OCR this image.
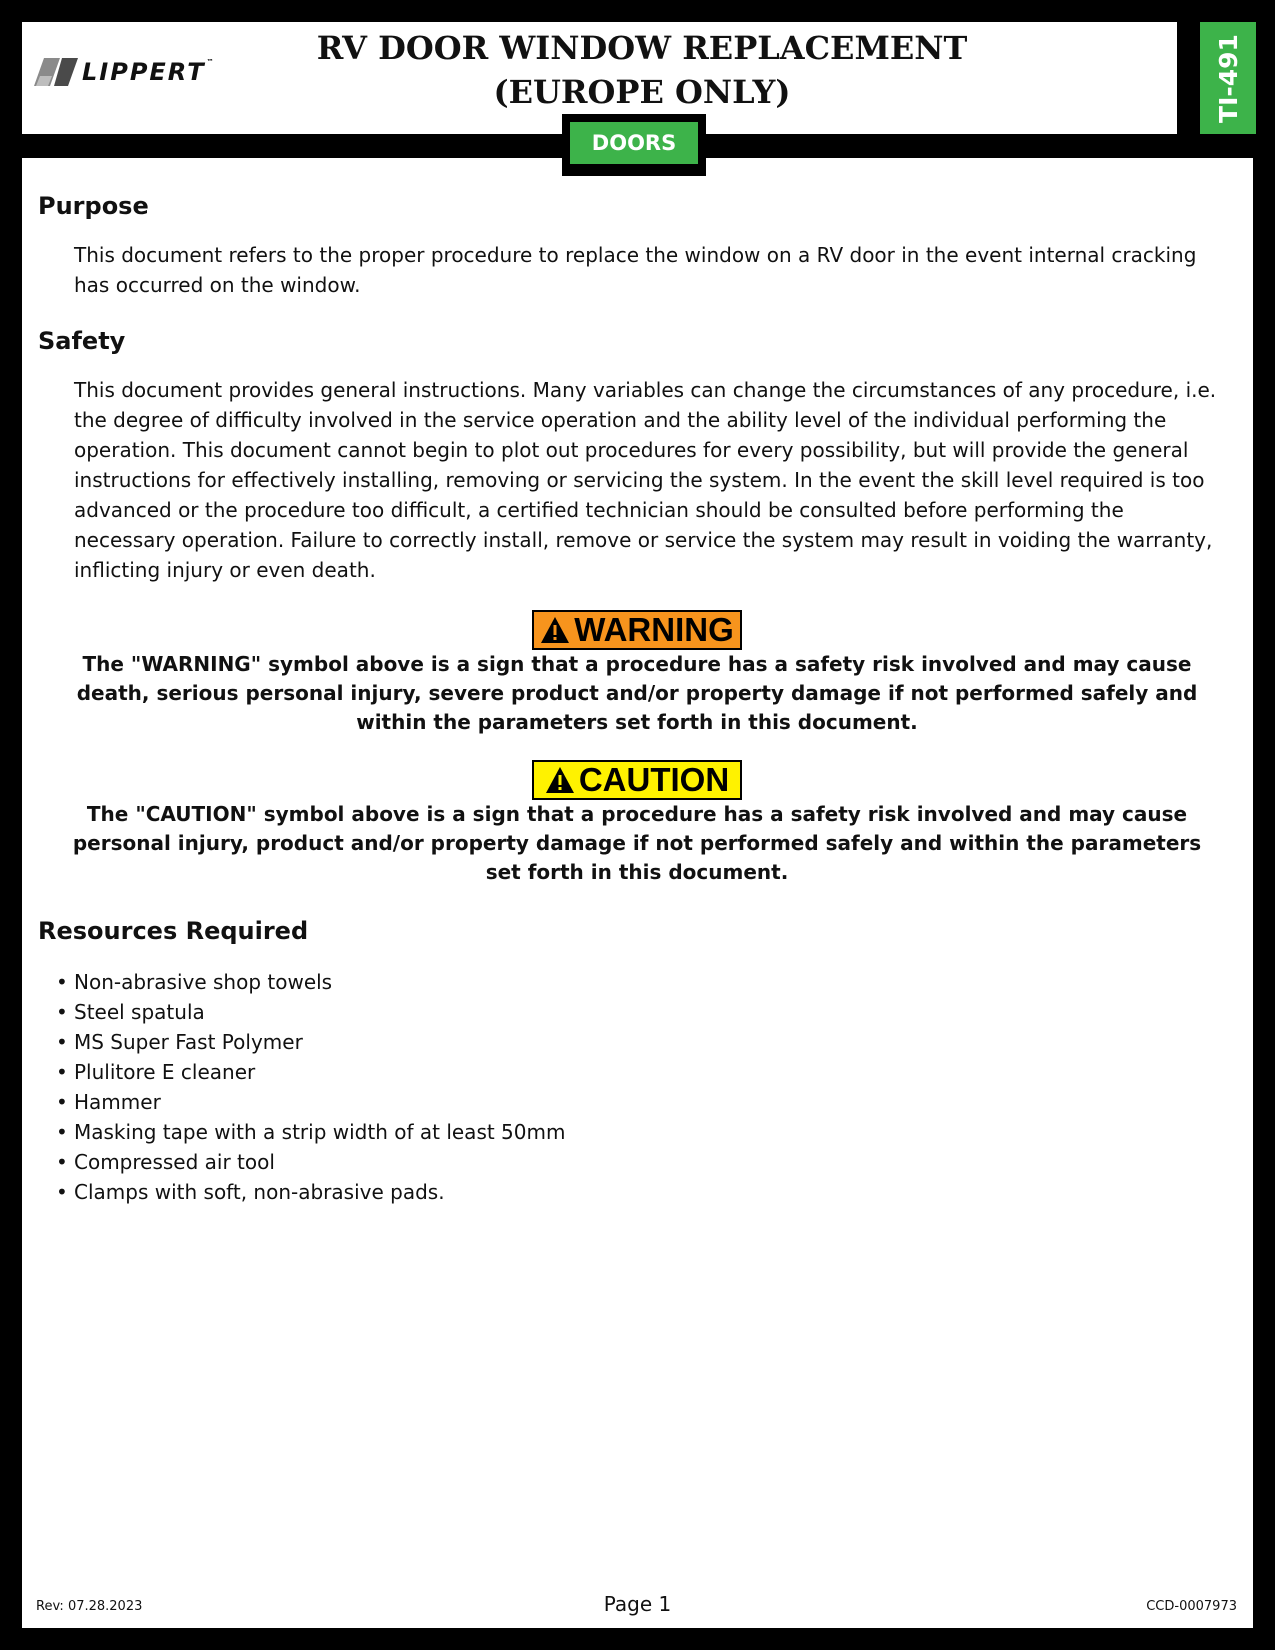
TI-491
LIPPERT™	RV DOOR WINDOW REPLACEMENT
(EUROPE ONLY)
DOORS
Purpose

This document refers to the proper procedure to replace the window on a RV door in the event internal cracking has occurred on the window.

Safety

This document provides general instructions. Many variables can change the circumstances of any procedure, i.e. the degree of difficulty involved in the service operation and the ability level of the individual performing the operation. This document cannot begin to plot out procedures for every possibility, but will provide the general instructions for effectively installing, removing or servicing the system. In the event the skill level required is too advanced or the procedure too difficult, a certified technician should be consulted before performing the necessary operation. Failure to correctly install, remove or service the system may result in voiding the warranty, inflicting injury or even death.

WARNING

The "WARNING" symbol above is a sign that a procedure has a safety risk involved and may cause death, serious personal injury, severe product and/or property damage if not performed safely and within the parameters set forth in this document.

CAUTION

The "CAUTION" symbol above is a sign that a procedure has a safety risk involved and may cause personal injury, product and/or property damage if not performed safely and within the parameters set forth in this document.

Resources Required
• Non-abrasive shop towels
• Steel spatula
• MS Super Fast Polymer
• Plulitore E cleaner
• Hammer
• Masking tape with a strip width of at least 50mm
• Compressed air tool
• Clamps with soft, non-abrasive pads.
Rev: 07.28.2023	Page 1	CCD-0007973
